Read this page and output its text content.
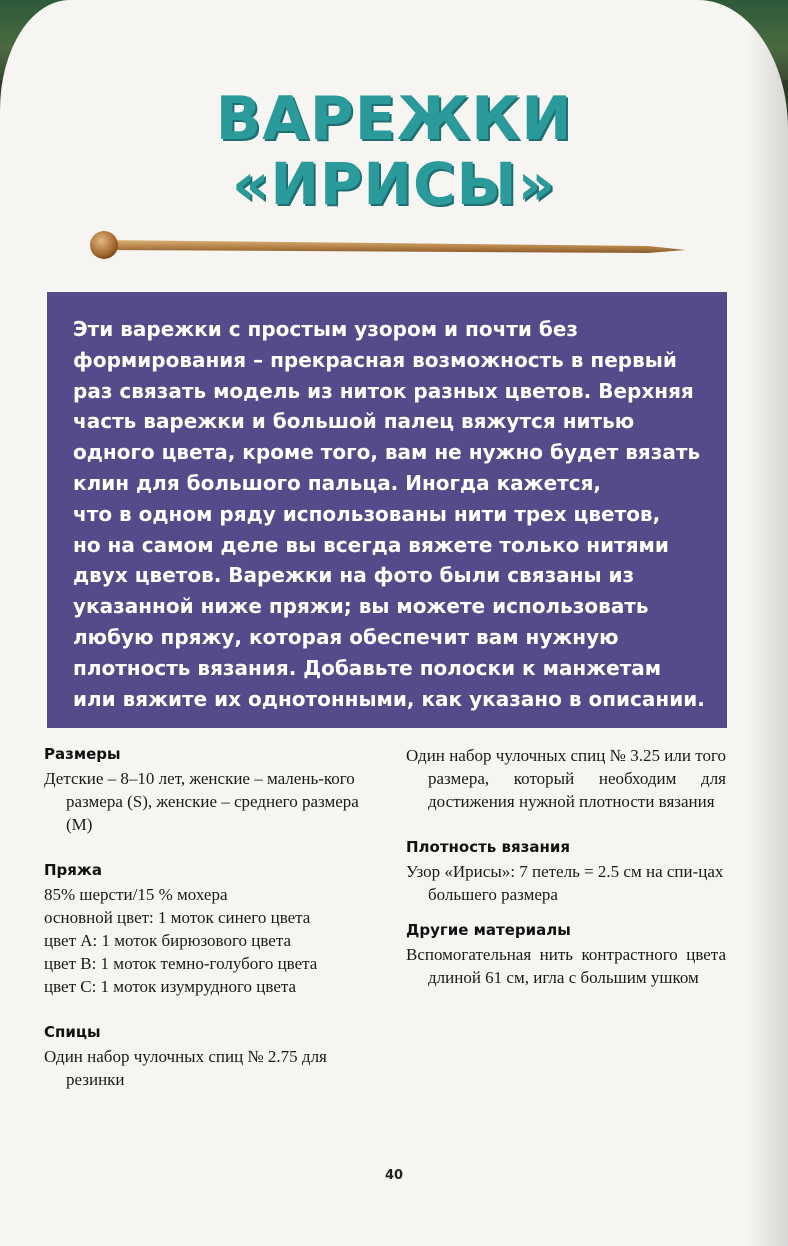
ВАРЕЖКИ
«ИРИСЫ»

Эти варежки с простым узором и почти без
формирования – прекрасная возможность в первый
раз связать модель из ниток разных цветов. Верхняя
часть варежки и большой палец вяжутся нитью
одного цвета, кроме того, вам не нужно будет вязать
клин для большого пальца. Иногда кажется,
что в одном ряду использованы нити трех цветов,
но на самом деле вы всегда вяжете только нитями
двух цветов. Варежки на фото были связаны из
указанной ниже пряжи; вы можете использовать
любую пряжу, которая обеспечит вам нужную
плотность вязания. Добавьте полоски к манжетам
или вяжите их однотонными, как указано в описании.

Размеры

Детские – 8–10 лет, женские – малень-кого размера (S), женские – среднего размера (M)

Пряжа
85% шерсти/15 % мохера
основной цвет: 1 моток синего цвета
цвет A: 1 моток бирюзового цвета
цвет B: 1 моток темно-голубого цвета
цвет C: 1 моток изумрудного цвета
Спицы

Один набор чулочных спиц № 2.75 для резинки

Один набор чулочных спиц № 3.25 или того размера, который необходим для достижения нужной плотности вязания

Плотность вязания

Узор «Ирисы»: 7 петель = 2.5 см на спи-цах большего размера

Другие материалы

Вспомогательная нить контрастного цвета длиной 61 см, игла с большим ушком

40
